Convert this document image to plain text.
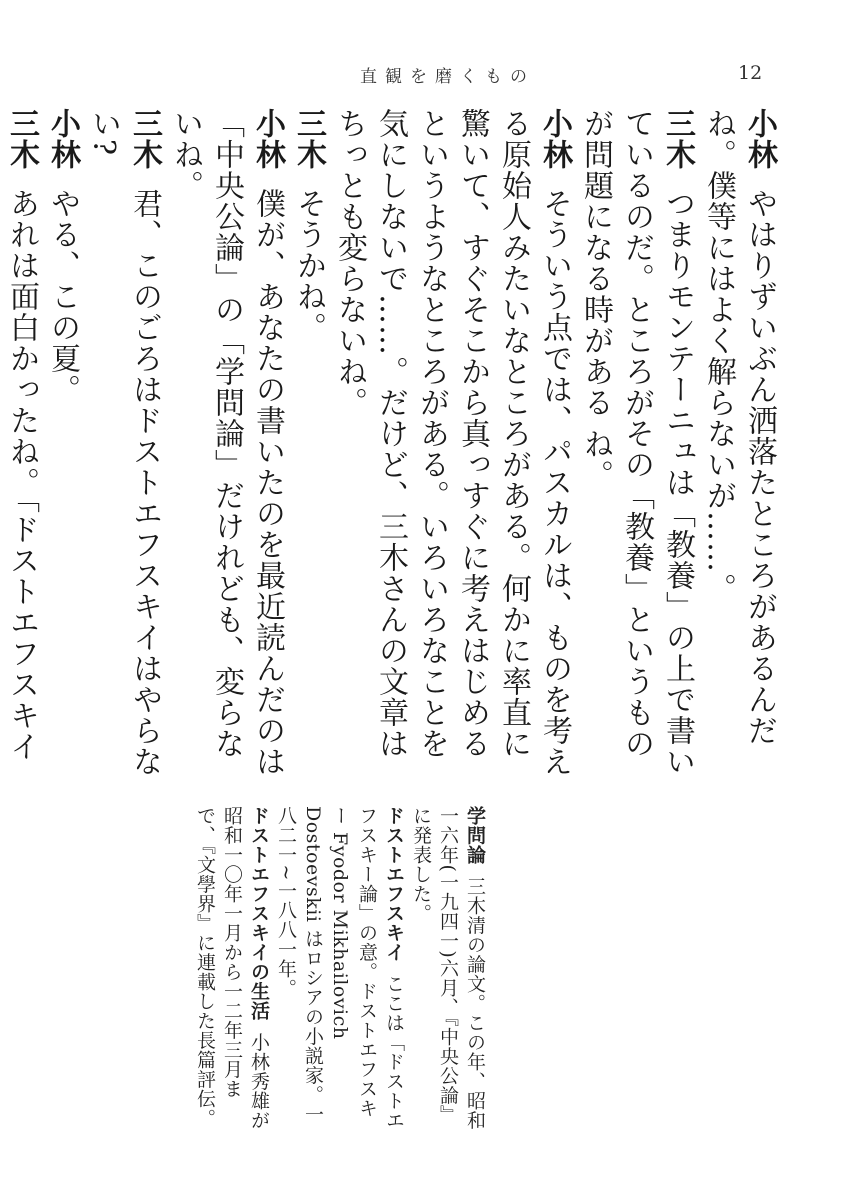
直観を磨くもの	12

小林やはりずいぶん洒落たところがあるんだね。僕等にはよく解らないが……。

三木つまりモンテーニュは「教養」の上で書いているのだ。ところがその「教養」というものが問題になる時がある ね。

小林そういう点では、パスカルは、ものを考える原始人みたいなところがある。何かに率直に驚いて、すぐそこから真っすぐに考えはじめるというようなところがある。いろいろなことを気にしないで……。だけど、三木さんの文章はちっとも変らないね。

三木そうかね。

小林僕が、あなたの書いたのを最近読んだのは「中央公論」の「学問論」だけれども、変らないね。

三木君、このごろはドストエフスキイはやらない?

小林やる、この夏。

三木あれは面白かったね。「ドストエフスキイ

学問論三木清の論文。この年、昭和一六年(一九四一)六月、『中央公論』に発表した。

ドストエフスキイここは「ドストエフスキー論」の意。ドストエフスキー Fyodor Mikhailovich Dostoevskii はロシアの小説家。一八二一~一八八一年。

ドストエフスキイの生活小林秀雄が昭和一〇年一月から一二年三月まで、『文學界』に連載した長篇評伝。
